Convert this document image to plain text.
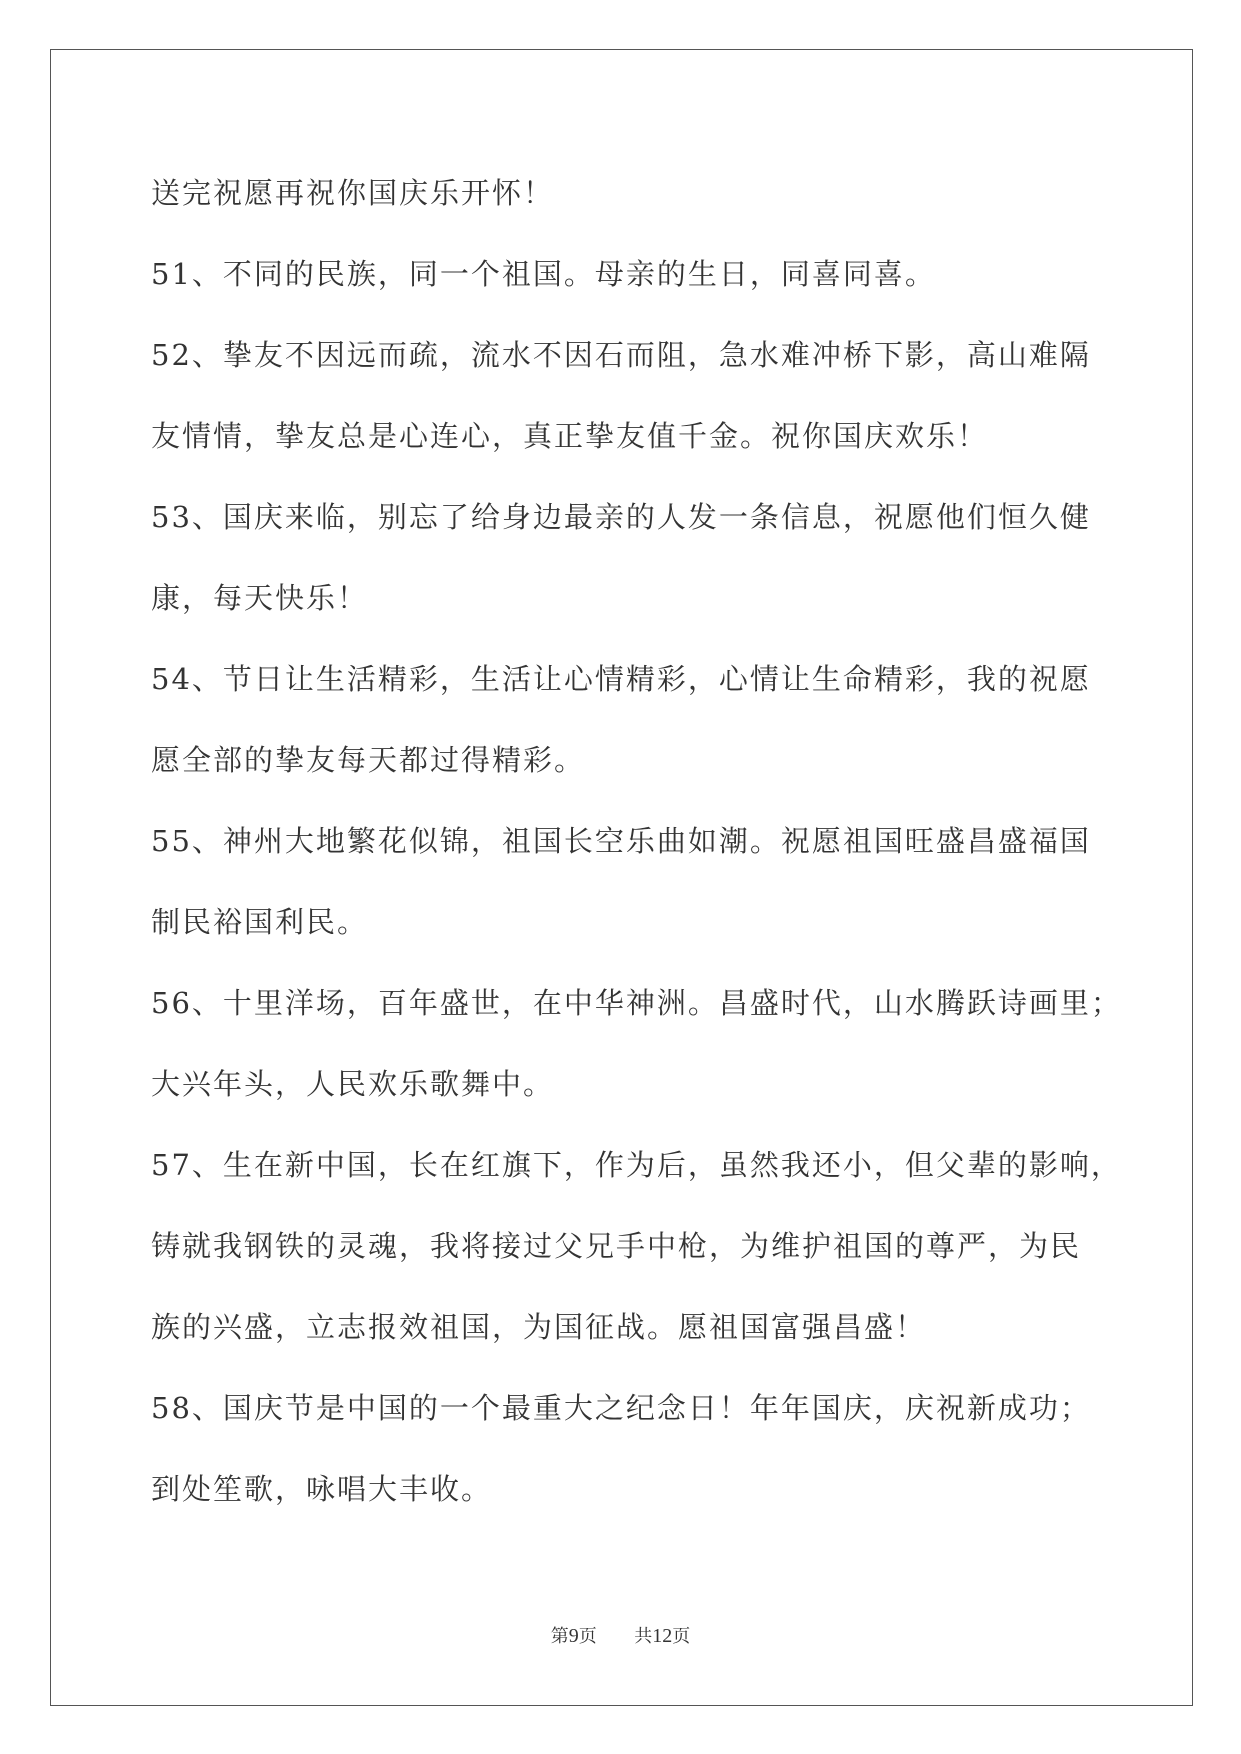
送完祝愿再祝你国庆乐开怀！
51、不同的民族，同一个祖国。母亲的生日，同喜同喜。
52、挚友不因远而疏，流水不因石而阻，急水难冲桥下影，高山难隔
友情情，挚友总是心连心，真正挚友值千金。祝你国庆欢乐！
53、国庆来临，别忘了给身边最亲的人发一条信息，祝愿他们恒久健
康，每天快乐！
54、节日让生活精彩，生活让心情精彩，心情让生命精彩，我的祝愿
愿全部的挚友每天都过得精彩。
55、神州大地繁花似锦，祖国长空乐曲如潮。祝愿祖国旺盛昌盛福国
制民裕国利民。
56、十里洋场，百年盛世，在中华神洲。昌盛时代，山水腾跃诗画里；
大兴年头，人民欢乐歌舞中。
57、生在新中国，长在红旗下，作为后，虽然我还小，但父辈的影响，
铸就我钢铁的灵魂，我将接过父兄手中枪，为维护祖国的尊严，为民
族的兴盛，立志报效祖国，为国征战。愿祖国富强昌盛！
58、国庆节是中国的一个最重大之纪念日！年年国庆，庆祝新成功；
到处笙歌，咏唱大丰收。
第9页 共12页
